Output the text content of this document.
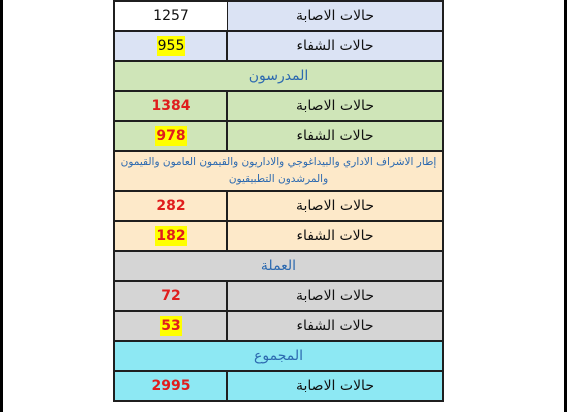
حالات الاصابة
1257
حالات الشفاء
955
المدرسون
حالات الاصابة
1384
حالات الشفاء
978
إطار الاشراف الاداري والبيداغوجي والاداريون والقيمون العامون والقيمون والمرشدون التطبيقيون
حالات الاصابة
282
حالات الشفاء
182
العملة
حالات الاصابة
72
حالات الشفاء
53
المجموع
حالات الاصابة
2995
